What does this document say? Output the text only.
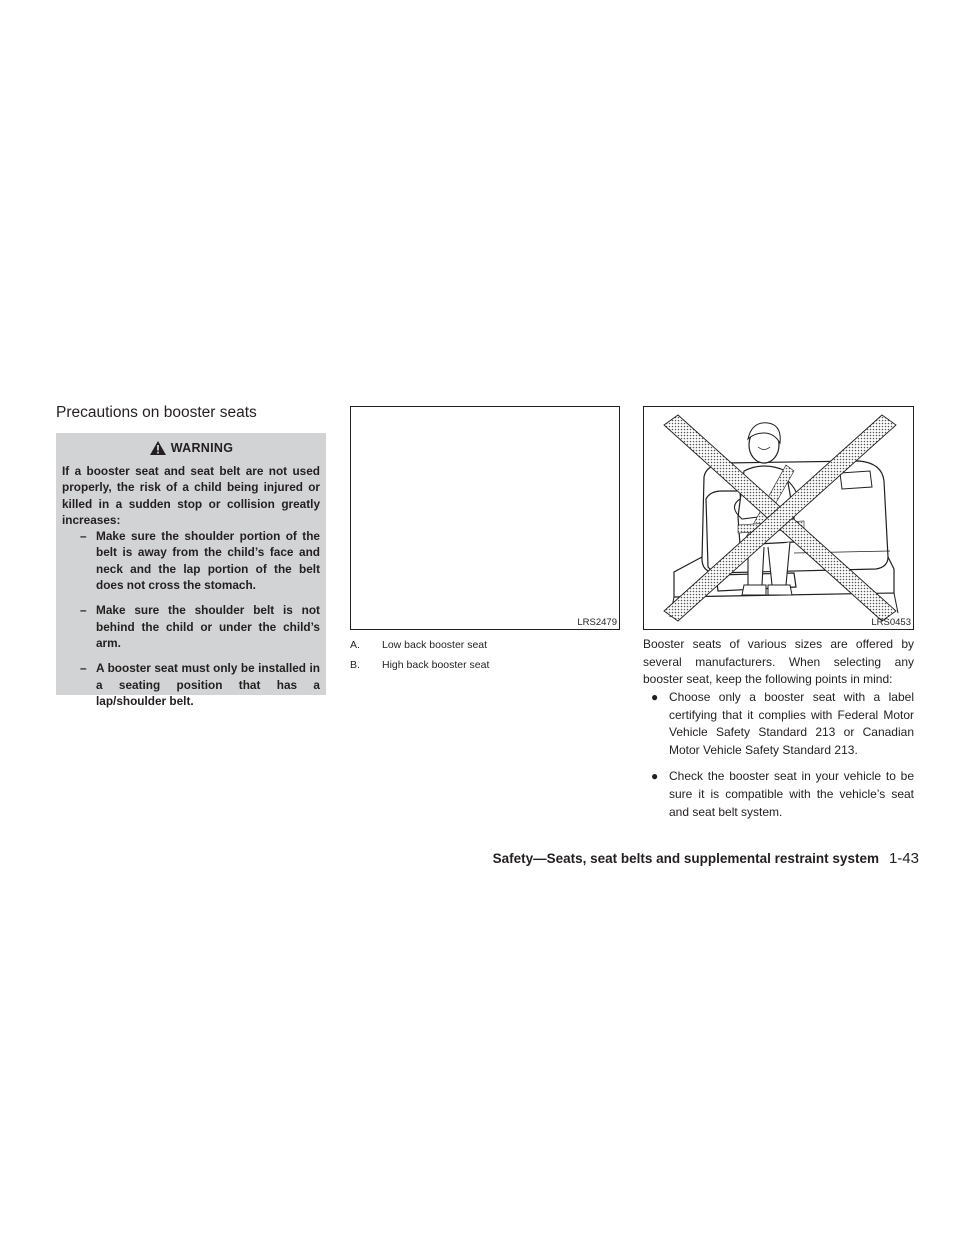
Precautions on booster seats
WARNING

If a booster seat and seat belt are not used properly, the risk of a child being injured or killed in a sudden stop or collision greatly increases:

– Make sure the shoulder portion of the belt is away from the child’s face and neck and the lap portion of the belt does not cross the stomach.
– Make sure the shoulder belt is not behind the child or under the child’s arm.
– A booster seat must only be installed in a seating position that has a lap/shoulder belt.
LRS2479	LRS0453
A.	Low back booster seat
B.	High back booster seat

Booster seats of various sizes are offered by several manufacturers. When selecting any booster seat, keep the following points in mind:

● Choose only a booster seat with a label certifying that it complies with Federal Motor Vehicle Safety Standard 213 or Canadian Motor Vehicle Safety Standard 213.
● Check the booster seat in your vehicle to be sure it is compatible with the vehicle’s seat and seat belt system.
Safety—Seats, seat belts and supplemental restraint system 1-43
